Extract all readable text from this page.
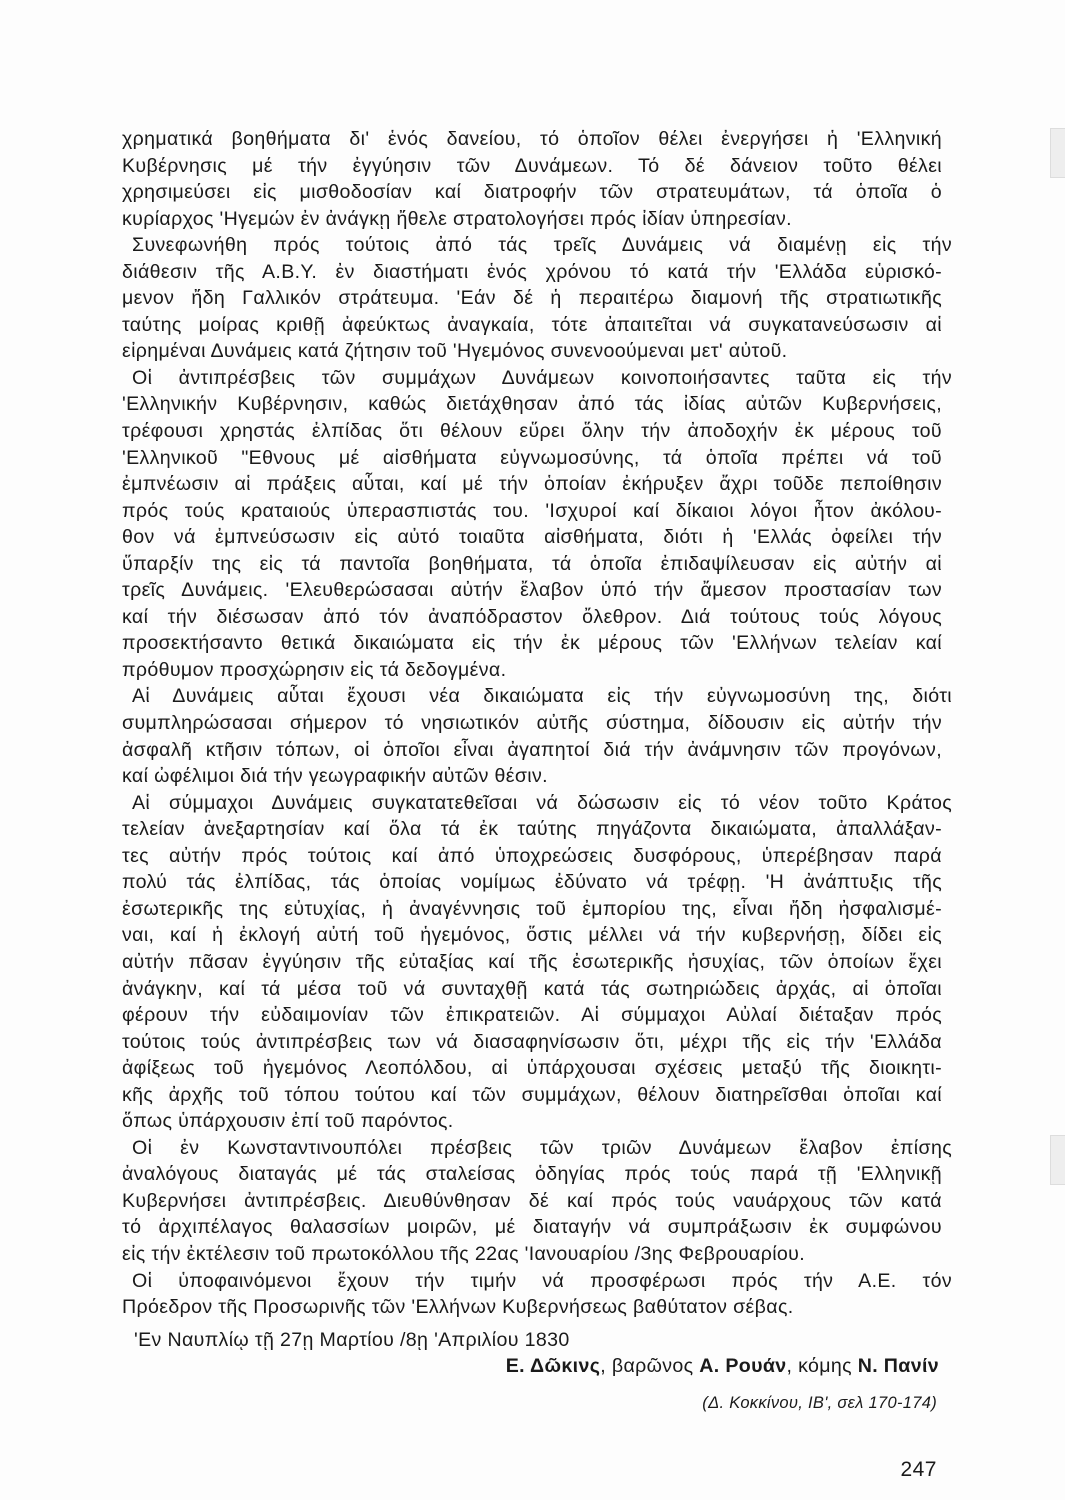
χρηματικά βοηθήματα δι' ἑνός δανείου, τό ὁποῖον θέλει ἐνεργήσει ἡ 'Ελληνική
Κυβέρνησις μέ τήν ἐγγύησιν τῶν Δυνάμεων. Τό δέ δάνειον τοῦτο θέλει
χρησιμεύσει εἰς μισθοδοσίαν καί διατροφήν τῶν στρατευμάτων, τά ὁποῖα ὁ
κυρίαρχος 'Ηγεμών ἐν ἀνάγκῃ ἤθελε στρατολογήσει πρός ἰδίαν ὑπηρεσίαν.
Συνεφωνήθη πρός τούτοις ἀπό τάς τρεῖς Δυνάμεις νά διαμένῃ εἰς τήν
διάθεσιν τῆς Α.Β.Υ. ἐν διαστήματι ἑνός χρόνου τό κατά τήν 'Ελλάδα εὑρισκό-
μενον ἤδη Γαλλικόν στράτευμα. 'Εάν δέ ἡ περαιτέρω διαμονή τῆς στρατιωτικῆς
ταύτης μοίρας κριθῇ ἀφεύκτως ἀναγκαία, τότε ἀπαιτεῖται νά συγκατανεύσωσιν αἱ
εἰρημέναι Δυνάμεις κατά ζήτησιν τοῦ 'Ηγεμόνος συνενοούμεναι μετ' αὐτοῦ.
Οἱ ἀντιπρέσβεις τῶν συμμάχων Δυνάμεων κοινοποιήσαντες ταῦτα εἰς τήν
'Ελληνικήν Κυβέρνησιν, καθώς διετάχθησαν ἀπό τάς ἰδίας αὐτῶν Κυβερνήσεις,
τρέφουσι χρηστάς ἐλπίδας ὅτι θέλουν εὕρει ὅλην τήν ἀποδοχήν ἐκ μέρους τοῦ
'Ελληνικοῦ "Εθνους μέ αἰσθήματα εὐγνωμοσύνης, τά ὁποῖα πρέπει νά τοῦ
ἐμπνέωσιν αἱ πράξεις αὗται, καί μέ τήν ὁποίαν ἐκήρυξεν ἄχρι τοῦδε πεποίθησιν
πρός τούς κραταιούς ὑπερασπιστάς του. 'Ισχυροί καί δίκαιοι λόγοι ἦτον ἀκόλου-
θον νά ἐμπνεύσωσιν εἰς αὐτό τοιαῦτα αἰσθήματα, διότι ἡ 'Ελλάς ὀφείλει τήν
ὕπαρξίν της εἰς τά παντοῖα βοηθήματα, τά ὁποῖα ἐπιδαψίλευσαν εἰς αὐτήν αἱ
τρεῖς Δυνάμεις. 'Ελευθερώσασαι αὐτήν ἔλαβον ὑπό τήν ἄμεσον προστασίαν των
καί τήν διέσωσαν ἀπό τόν ἀναπόδραστον ὄλεθρον. Διά τούτους τούς λόγους
προσεκτήσαντο θετικά δικαιώματα εἰς τήν ἐκ μέρους τῶν 'Ελλήνων τελείαν καί
πρόθυμον προσχώρησιν εἰς τά δεδογμένα.
Αἱ Δυνάμεις αὗται ἔχουσι νέα δικαιώματα εἰς τήν εὐγνωμοσύνη της, διότι
συμπληρώσασαι σήμερον τό νησιωτικόν αὐτῆς σύστημα, δίδουσιν εἰς αὐτήν τήν
ἀσφαλῆ κτῆσιν τόπων, οἱ ὁποῖοι εἶναι ἀγαπητοί διά τήν ἀνάμνησιν τῶν προγόνων,
καί ὠφέλιμοι διά τήν γεωγραφικήν αὐτῶν θέσιν.
Αἱ σύμμαχοι Δυνάμεις συγκατατεθεῖσαι νά δώσωσιν εἰς τό νέον τοῦτο Κράτος
τελείαν ἀνεξαρτησίαν καί ὅλα τά ἐκ ταύτης πηγάζοντα δικαιώματα, ἀπαλλάξαν-
τες αὐτήν πρός τούτοις καί ἀπό ὑποχρεώσεις δυσφόρους, ὑπερέβησαν παρά
πολύ τάς ἐλπίδας, τάς ὁποίας νομίμως ἐδύνατο νά τρέφῃ. 'Η ἀνάπτυξις τῆς
ἐσωτερικῆς της εὐτυχίας, ἡ ἀναγέννησις τοῦ ἐμπορίου της, εἶναι ἤδη ἠσφαλισμέ-
ναι, καί ἡ ἐκλογή αὐτή τοῦ ἡγεμόνος, ὅστις μέλλει νά τήν κυβερνήσῃ, δίδει εἰς
αὐτήν πᾶσαν ἐγγύησιν τῆς εὐταξίας καί τῆς ἐσωτερικῆς ἡσυχίας, τῶν ὁποίων ἔχει
ἀνάγκην, καί τά μέσα τοῦ νά συνταχθῇ κατά τάς σωτηριώδεις ἀρχάς, αἱ ὁποῖαι
φέρουν τήν εὐδαιμονίαν τῶν ἐπικρατειῶν. Αἱ σύμμαχοι Αὐλαί διέταξαν πρός
τούτοις τούς ἀντιπρέσβεις των νά διασαφηνίσωσιν ὅτι, μέχρι τῆς εἰς τήν 'Ελλάδα
ἀφίξεως τοῦ ἡγεμόνος Λεοπόλδου, αἱ ὑπάρχουσαι σχέσεις μεταξύ τῆς διοικητι-
κῆς ἀρχῆς τοῦ τόπου τούτου καί τῶν συμμάχων, θέλουν διατηρεῖσθαι ὁποῖαι καί
ὅπως ὑπάρχουσιν ἐπί τοῦ παρόντος.
Οἱ ἐν Κωνσταντινουπόλει πρέσβεις τῶν τριῶν Δυνάμεων ἔλαβον ἐπίσης
ἀναλόγους διαταγάς μέ τάς σταλείσας ὁδηγίας πρός τούς παρά τῇ 'Ελληνικῇ
Κυβερνήσει ἀντιπρέσβεις. Διευθύνθησαν δέ καί πρός τούς ναυάρχους τῶν κατά
τό ἀρχιπέλαγος θαλασσίων μοιρῶν, μέ διαταγήν νά συμπράξωσιν ἐκ συμφώνου
εἰς τήν ἐκτέλεσιν τοῦ πρωτοκόλλου τῆς 22ας 'Ιανουαρίου /3ης Φεβρουαρίου.
Οἱ ὑποφαινόμενοι ἔχουν τήν τιμήν νά προσφέρωσι πρός τήν Α.Ε. τόν
Πρόεδρον τῆς Προσωρινῆς τῶν 'Ελλήνων Κυβερνήσεως βαθύτατον σέβας.
'Εν Ναυπλίῳ τῇ 27ῃ Μαρτίου /8ῃ 'Απριλίου 1830
Ε. Δῶκινς, βαρῶνος Α. Ρουάν, κόμης Ν. Πανίν
(Δ. Κοκκίνου, ΙΒ', σελ 170-174)
247
